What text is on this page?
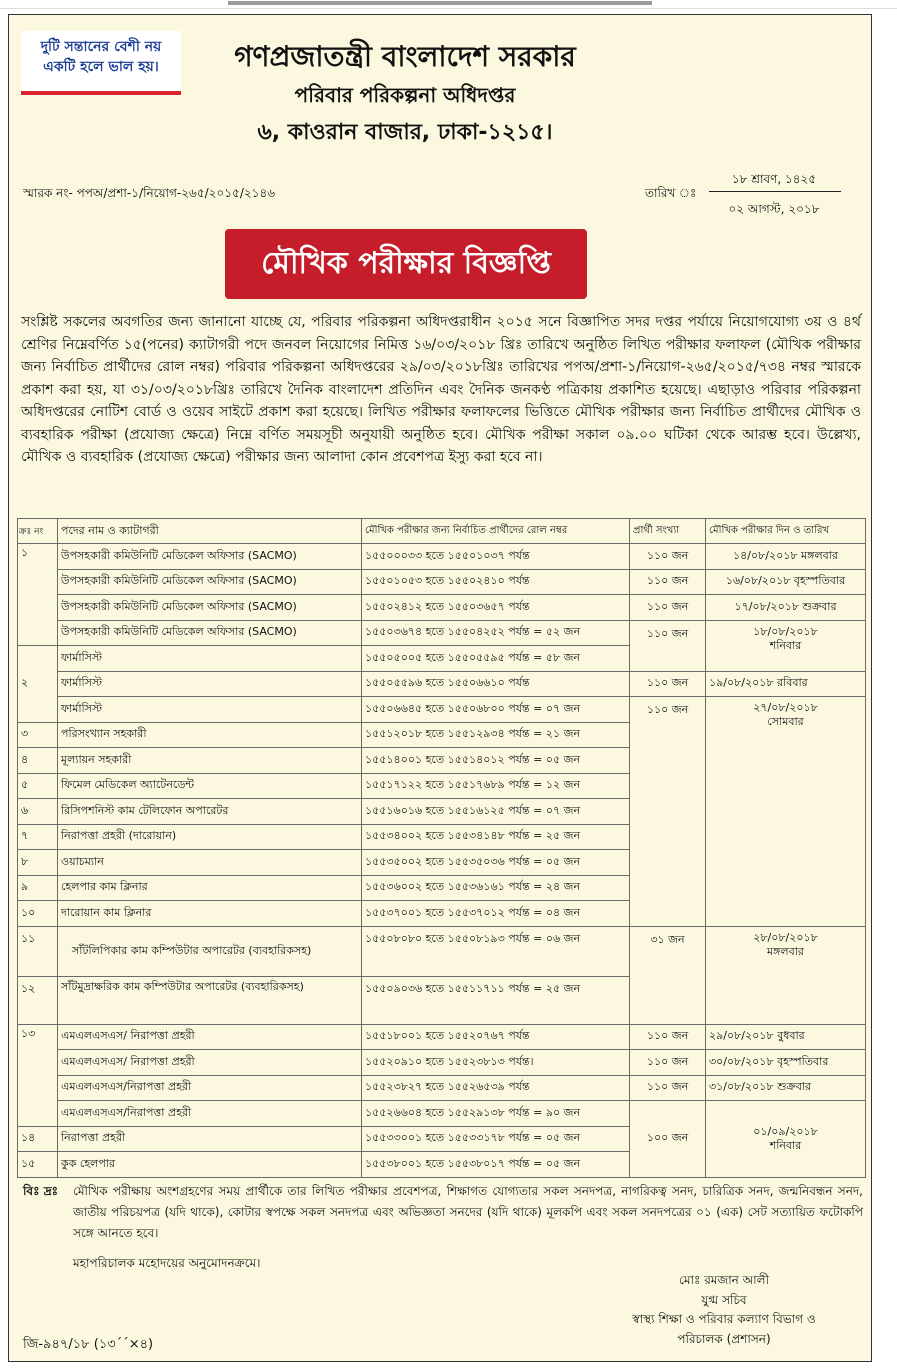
দুটি সন্তানের বেশী নয়
একটি হলে ভাল হয়।	গণপ্রজাতন্ত্রী বাংলাদেশ সরকার
পরিবার পরিকল্পনা অধিদপ্তর
৬, কাওরান বাজার, ঢাকা-১২১৫।
স্মারক নং- পপঅ/প্রশা-১/নিয়োগ-২৬৫/২০১৫/২১৪৬	তারিখ ঃ
১৮ শ্রাবণ, ১৪২৫
০২ আগস্ট, ২০১৮
মৌখিক পরীক্ষার বিজ্ঞপ্তি
সংশ্লিষ্ট সকলের অবগতির জন্য জানানো যাচ্ছে যে, পরিবার পরিকল্পনা অধিদপ্তরাধীন ২০১৫ সনে বিজ্ঞাপিত সদর দপ্তর পর্যায়ে নিয়োগযোগ্য ৩য় ও ৪র্থ শ্রেণির নিম্নেবর্ণিত ১৫(পনের) ক্যাটাগরী পদে জনবল নিয়োগের নিমিত্ত ১৬/০৩/২০১৮ খ্রিঃ তারিখে অনুষ্ঠিত লিখিত পরীক্ষার ফলাফল (মৌখিক পরীক্ষার জন্য নির্বাচিত প্রার্থীদের রোল নম্বর) পরিবার পরিকল্পনা অধিদপ্তরের ২৯/০৩/২০১৮খ্রিঃ তারিখের পপঅ/প্রশা-১/নিয়োগ-২৬৫/২০১৫/৭৩৪ নম্বর স্মারকে প্রকাশ করা হয়, যা ৩১/০৩/২০১৮খ্রিঃ তারিখে দৈনিক বাংলাদেশ প্রতিদিন এবং দৈনিক জনকণ্ঠ পত্রিকায় প্রকাশিত হয়েছে। এছাড়াও পরিবার পরিকল্পনা অধিদপ্তরের নোটিশ বোর্ড ও ওয়েব সাইটে প্রকাশ করা হয়েছে। লিখিত পরীক্ষার ফলাফলের ভিত্তিতে মৌখিক পরীক্ষার জন্য নির্বাচিত প্রার্থীদের মৌখিক ও ব্যবহারিক পরীক্ষা (প্রযোজ্য ক্ষেত্রে) নিম্নে বর্ণিত সময়সূচী অনুযায়ী অনুষ্ঠিত হবে। মৌখিক পরীক্ষা সকাল ০৯.০০ ঘটিকা থেকে আরম্ভ হবে। উল্লেখ্য, মৌখিক ও ব্যবহারিক (প্রযোজ্য ক্ষেত্রে) পরীক্ষার জন্য আলাদা কোন প্রবেশপত্র ইস্যু করা হবে না।
ক্রঃ নং	পদের নাম ও ক্যাটাগরী	মৌখিক পরীক্ষার জন্য নির্বাচিত প্রার্থীদের রোল নম্বর	প্রার্থী সংখ্যা	মৌখিক পরীক্ষার দিন ও তারিখ
১	উপসহকারী কমিউনিটি মেডিকেল অফিসার (SACMO)	১৫৫০০০৩৩ হতে ১৫৫০১০৩৭ পর্যন্ত	১১০ জন	১৪/০৮/২০১৮ মঙ্গলবার
	উপসহকারী কমিউনিটি মেডিকেল অফিসার (SACMO)	১৫৫০১০৫৩ হতে ১৫৫০২৪১০ পর্যন্ত	১১০ জন	১৬/০৮/২০১৮ বৃহস্পতিবার
	উপসহকারী কমিউনিটি মেডিকেল অফিসার (SACMO)	১৫৫০২৪১২ হতে ১৫৫০৩৬৫৭ পর্যন্ত	১১০ জন	১৭/০৮/২০১৮ শুক্রবার
	উপসহকারী কমিউনিটি মেডিকেল অফিসার (SACMO)	১৫৫০৩৬৭৪ হতে ১৫৫০৪২৫২ পর্যন্ত = ৫২ জন	১১০ জন	১৮/০৮/২০১৮
শনিবার

২	ফার্মাসিস্ট	১৫৫০৫০০৫ হতে ১৫৫০৫৫৯৫ পর্যন্ত = ৫৮ জন		
	ফার্মাসিস্ট	১৫৫০৫৫৯৬ হতে ১৫৫০৬৬১০ পর্যন্ত	১১০ জন	১৯/০৮/২০১৮ রবিবার
	ফার্মাসিস্ট	১৫৫০৬৬৪৫ হতে ১৫৫০৬৮০০ পর্যন্ত = ০৭ জন	১১০ জন	২৭/০৮/২০১৮
সোমবার

৩	পরিসংখ্যান সহকারী	১৫৫১২০১৮ হতে ১৫৫১২৯৩৪ পর্যন্ত = ২১ জন		
৪	মূল্যায়ন সহকারী	১৫৫১৪০০১ হতে ১৫৫১৪০১২ পর্যন্ত = ০৫ জন		
৫	ফিমেল মেডিকেল অ্যাটেনডেন্ট	১৫৫১৭১২২ হতে ১৫৫১৭৬৮৯ পর্যন্ত = ১২ জন		
৬	রিসিপশনিস্ট কাম টেলিফোন অপারেটর	১৫৫১৬০১৬ হতে ১৫৫১৬১২৫ পর্যন্ত = ০৭ জন		
৭	নিরাপত্তা প্রহরী (দারোয়ান)	১৫৫৩৪০০২ হতে ১৫৫৩৪১৪৮ পর্যন্ত = ২৫ জন		
৮	ওয়াচম্যান	১৫৫৩৫০০২ হতে ১৫৫৩৫০৩৬ পর্যন্ত = ০৫ জন		
৯	হেলপার কাম ক্লিনার	১৫৫৩৬০০২ হতে ১৫৫৩৬১৬১ পর্যন্ত = ২৪ জন		
১০	দারোয়ান কাম ক্লিনার	১৫৫৩৭০০১ হতে ১৫৫৩৭০১২ পর্যন্ত = ০৪ জন		
১১	সাঁটলিপিকার কাম কম্পিউটার অপারেটর (ব্যবহারিকসহ)	১৫৫০৮০৮০ হতে ১৫৫০৮১৯৩ পর্যন্ত = ০৬ জন	৩১ জন	২৮/০৮/২০১৮
মঙ্গলবার

১২	সাঁটমুদ্রাক্ষরিক কাম কম্পিউটার অপারেটর (ব্যবহারিকসহ)	১৫৫০৯০৩৬ হতে ১৫৫১১৭১১ পর্যন্ত = ২৫ জন		
১৩	এমএলএসএস/ নিরাপত্তা প্রহরী	১৫৫১৮০০১ হতে ১৫৫২০৭৬৭ পর্যন্ত	১১০ জন	২৯/০৮/২০১৮ বুধবার
	এমএলএসএস/ নিরাপত্তা প্রহরী	১৫৫২০৯১০ হতে ১৫৫২৩৮১৩ পর্যন্ত।	১১০ জন	৩০/০৮/২০১৮ বৃহস্পতিবার
	এমএলএসএস/নিরাপত্তা প্রহরী	১৫৫২৩৮২৭ হতে ১৫৫২৬৫৩৯ পর্যন্ত	১১০ জন	৩১/০৮/২০১৮ শুক্রবার
	এমএলএসএস/নিরাপত্তা প্রহরী	১৫৫২৬৬০৪ হতে ১৫৫২৯১৩৮ পর্যন্ত = ৯০ জন	১০০ জন	০১/০৯/২০১৮
শনিবার

১৪	নিরাপত্তা প্রহরী	১৫৫৩৩০০১ হতে ১৫৫৩৩১৭৮ পর্যন্ত = ০৫ জন		
১৫	কুক হেলপার	১৫৫৩৮০০১ হতে ১৫৫৩৮০১৭ পর্যন্ত = ০৫ জন		
বিঃ দ্রঃ মৌখিক পরীক্ষায় অংশগ্রহণের সময় প্রার্থীকে তার লিখিত পরীক্ষার প্রবেশপত্র, শিক্ষাগত যোগ্যতার সকল সনদপত্র, নাগরিকত্ব সনদ, চারিত্রিক সনদ, জন্মনিবন্ধন সনদ, জাতীয় পরিচয়পত্র (যদি থাকে), কোটার স্বপক্ষে সকল সনদপত্র এবং অভিজ্ঞতা সনদের (যদি থাকে) মূলকপি এবং সকল সনদপত্রের ০১ (এক) সেট সত্যায়িত ফটোকপি সঙ্গে আনতে হবে।
মহাপরিচালক মহোদয়ের অনুমোদনক্রমে।
মোঃ রমজান আলী
যুগ্ম সচিব
স্বাস্থ্য শিক্ষা ও পরিবার কল্যাণ বিভাগ ও
পরিচালক (প্রশাসন)
জি-৯৪৭/১৮ (১৩´´×৪)
